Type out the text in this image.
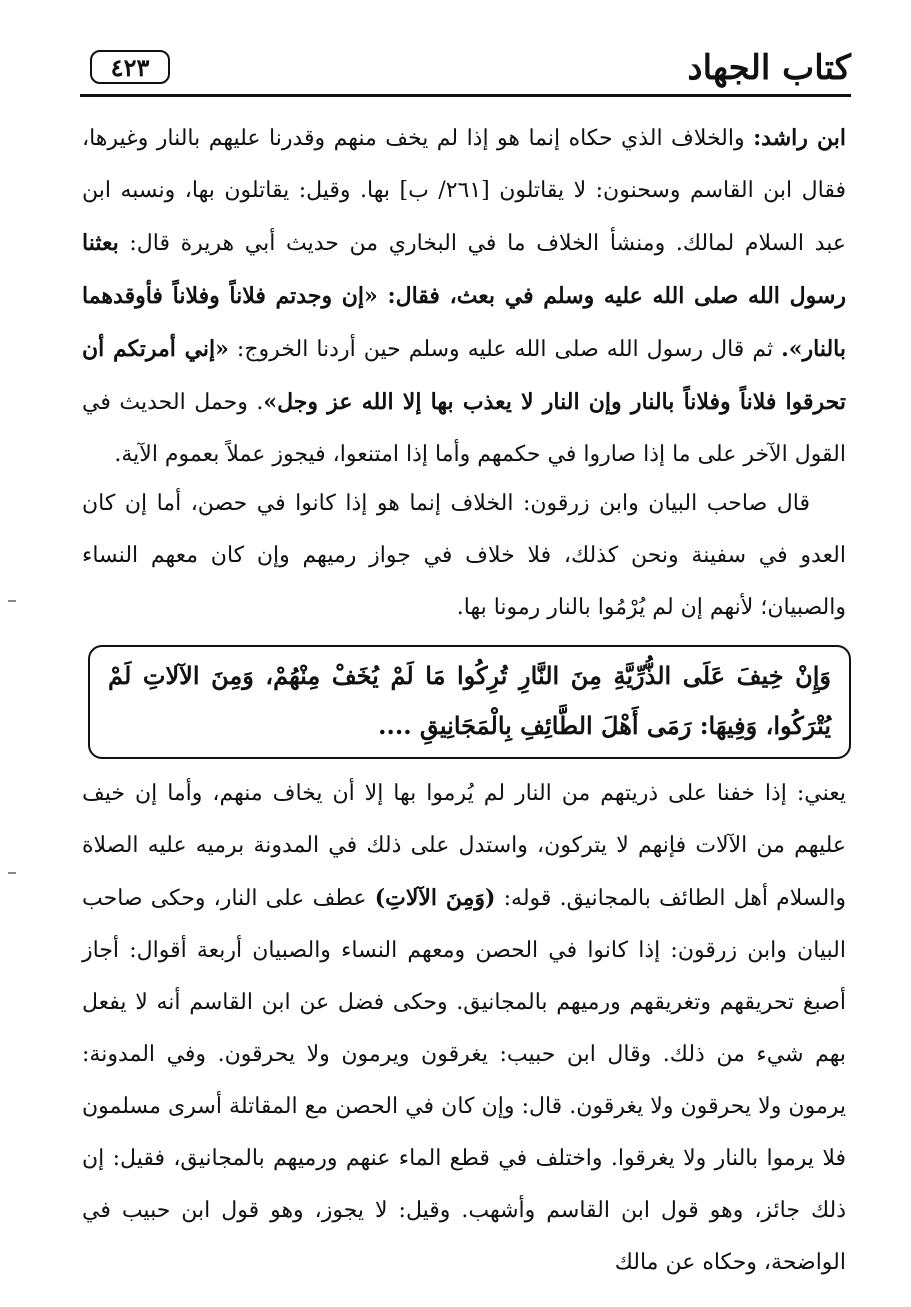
كتاب الجهاد
٤٢٣
ابن راشد: والخلاف الذي حكاه إنما هو إذا لم يخف منهم وقدرنا عليهم بالنار وغيرها، فقال ابن القاسم وسحنون: لا يقاتلون [٢٦١/ ب] بها. وقيل: يقاتلون بها، ونسبه ابن عبد السلام لمالك. ومنشأ الخلاف ما في البخاري من حديث أبي هريرة قال: بعثنا رسول الله صلى الله عليه وسلم في بعث، فقال: «إن وجدتم فلاناً وفلاناً فأوقدهما بالنار». ثم قال رسول الله صلى الله عليه وسلم حين أردنا الخروج: «إني أمرتكم أن تحرقوا فلاناً وفلاناً بالنار وإن النار لا يعذب بها إلا الله عز وجل». وحمل الحديث في القول الآخر على ما إذا صاروا في حكمهم وأما إذا امتنعوا، فيجوز عملاً بعموم الآية.
قال صاحب البيان وابن زرقون: الخلاف إنما هو إذا كانوا في حصن، أما إن كان العدو في سفينة ونحن كذلك، فلا خلاف في جواز رميهم وإن كان معهم النساء والصبيان؛ لأنهم إن لم يُرْمُوا بالنار رمونا بها.
وَإِنْ خِيفَ عَلَى الذُّرِّيَّةِ مِنَ النَّارِ تُرِكُوا مَا لَمْ يُخَفْ مِنْهُمْ، وَمِنَ الآلاتِ لَمْ يُتْرَكُوا، وَفِيهَا: رَمَى أَهْلَ الطَّائِفِ بِالْمَجَانِيقِ ....
يعني: إذا خفنا على ذريتهم من النار لم يُرموا بها إلا أن يخاف منهم، وأما إن خيف عليهم من الآلات فإنهم لا يتركون، واستدل على ذلك في المدونة برميه عليه الصلاة والسلام أهل الطائف بالمجانيق. قوله: (وَمِنَ الآلاتِ) عطف على النار، وحكى صاحب البيان وابن زرقون: إذا كانوا في الحصن ومعهم النساء والصبيان أربعة أقوال: أجاز أصبغ تحريقهم وتغريقهم ورميهم بالمجانيق. وحكى فضل عن ابن القاسم أنه لا يفعل بهم شيء من ذلك. وقال ابن حبيب: يغرقون ويرمون ولا يحرقون. وفي المدونة: يرمون ولا يحرقون ولا يغرقون. قال: وإن كان في الحصن مع المقاتلة أسرى مسلمون فلا يرموا بالنار ولا يغرقوا. واختلف في قطع الماء عنهم ورميهم بالمجانيق، فقيل: إن ذلك جائز، وهو قول ابن القاسم وأشهب. وقيل: لا يجوز، وهو قول ابن حبيب في الواضحة، وحكاه عن مالك
